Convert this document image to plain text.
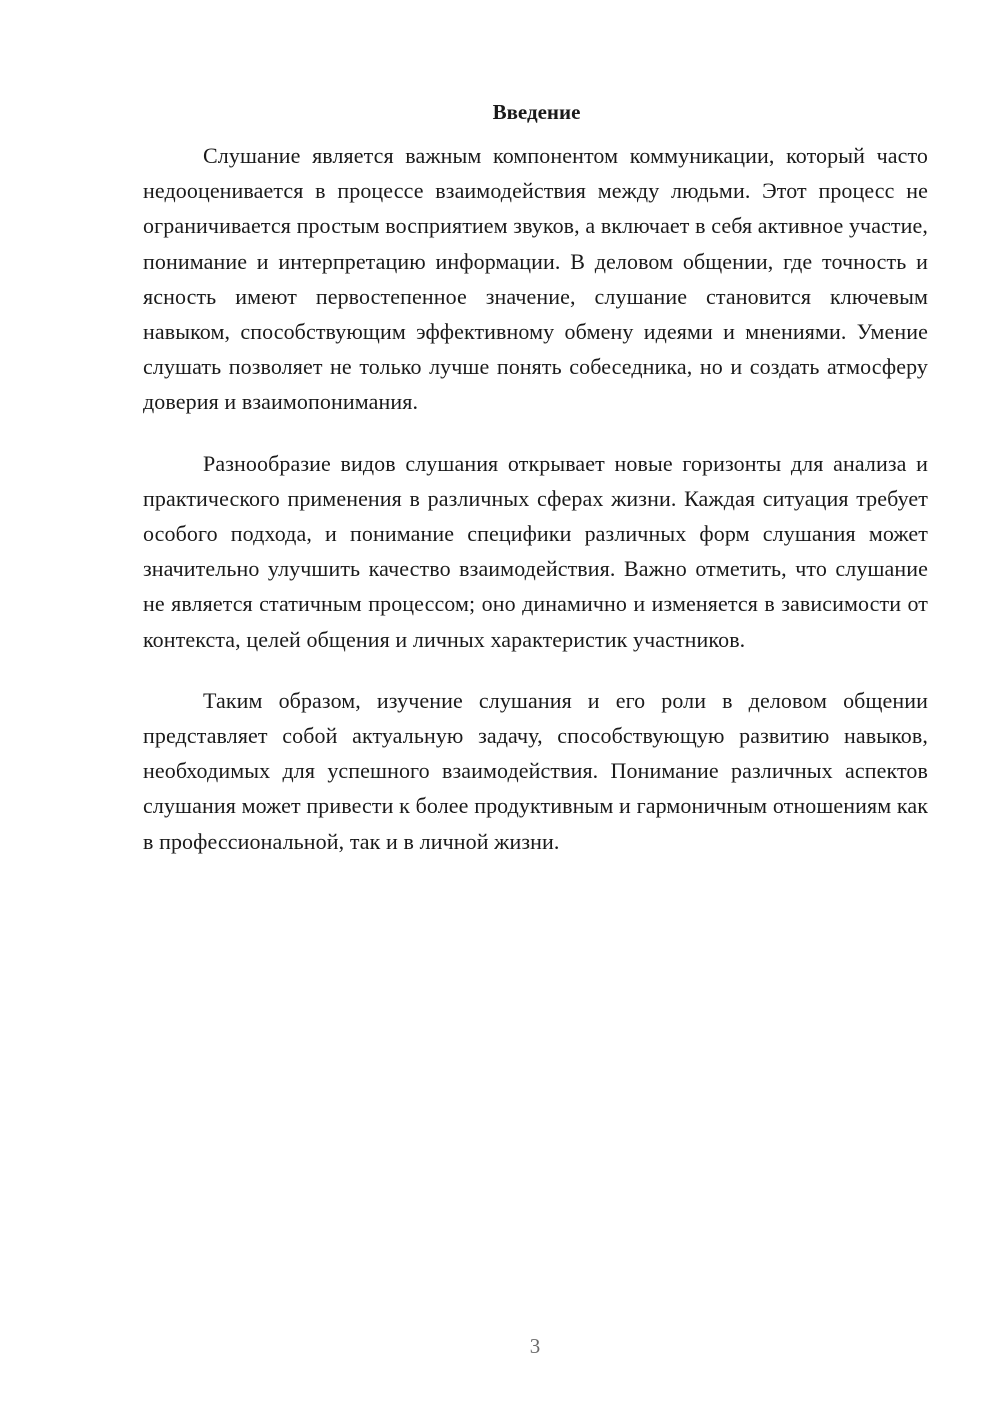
Введение

Слушание является важным компонентом коммуникации, который часто недооценивается в процессе взаимодействия между людьми. Этот процесс не ограничивается простым восприятием звуков, а включает в себя активное участие, понимание и интерпретацию информации. В деловом общении, где точность и ясность имеют первостепенное значение, слушание становится ключевым навыком, способствующим эффективному обмену идеями и мнениями. Умение слушать позволяет не только лучше понять собеседника, но и создать атмосферу доверия и взаимопонимания.

Разнообразие видов слушания открывает новые горизонты для анализа и практического применения в различных сферах жизни. Каждая ситуация требует особого подхода, и понимание специфики различных форм слушания может значительно улучшить качество взаимодействия. Важно отметить, что слушание не является статичным процессом; оно динамично и изменяется в зависимости от контекста, целей общения и личных характеристик участников.

Таким образом, изучение слушания и его роли в деловом общении представляет собой актуальную задачу, способствующую развитию навыков, необходимых для успешного взаимодействия. Понимание различных аспектов слушания может привести к более продуктивным и гармоничным отношениям как в профессиональной, так и в личной жизни.

3
